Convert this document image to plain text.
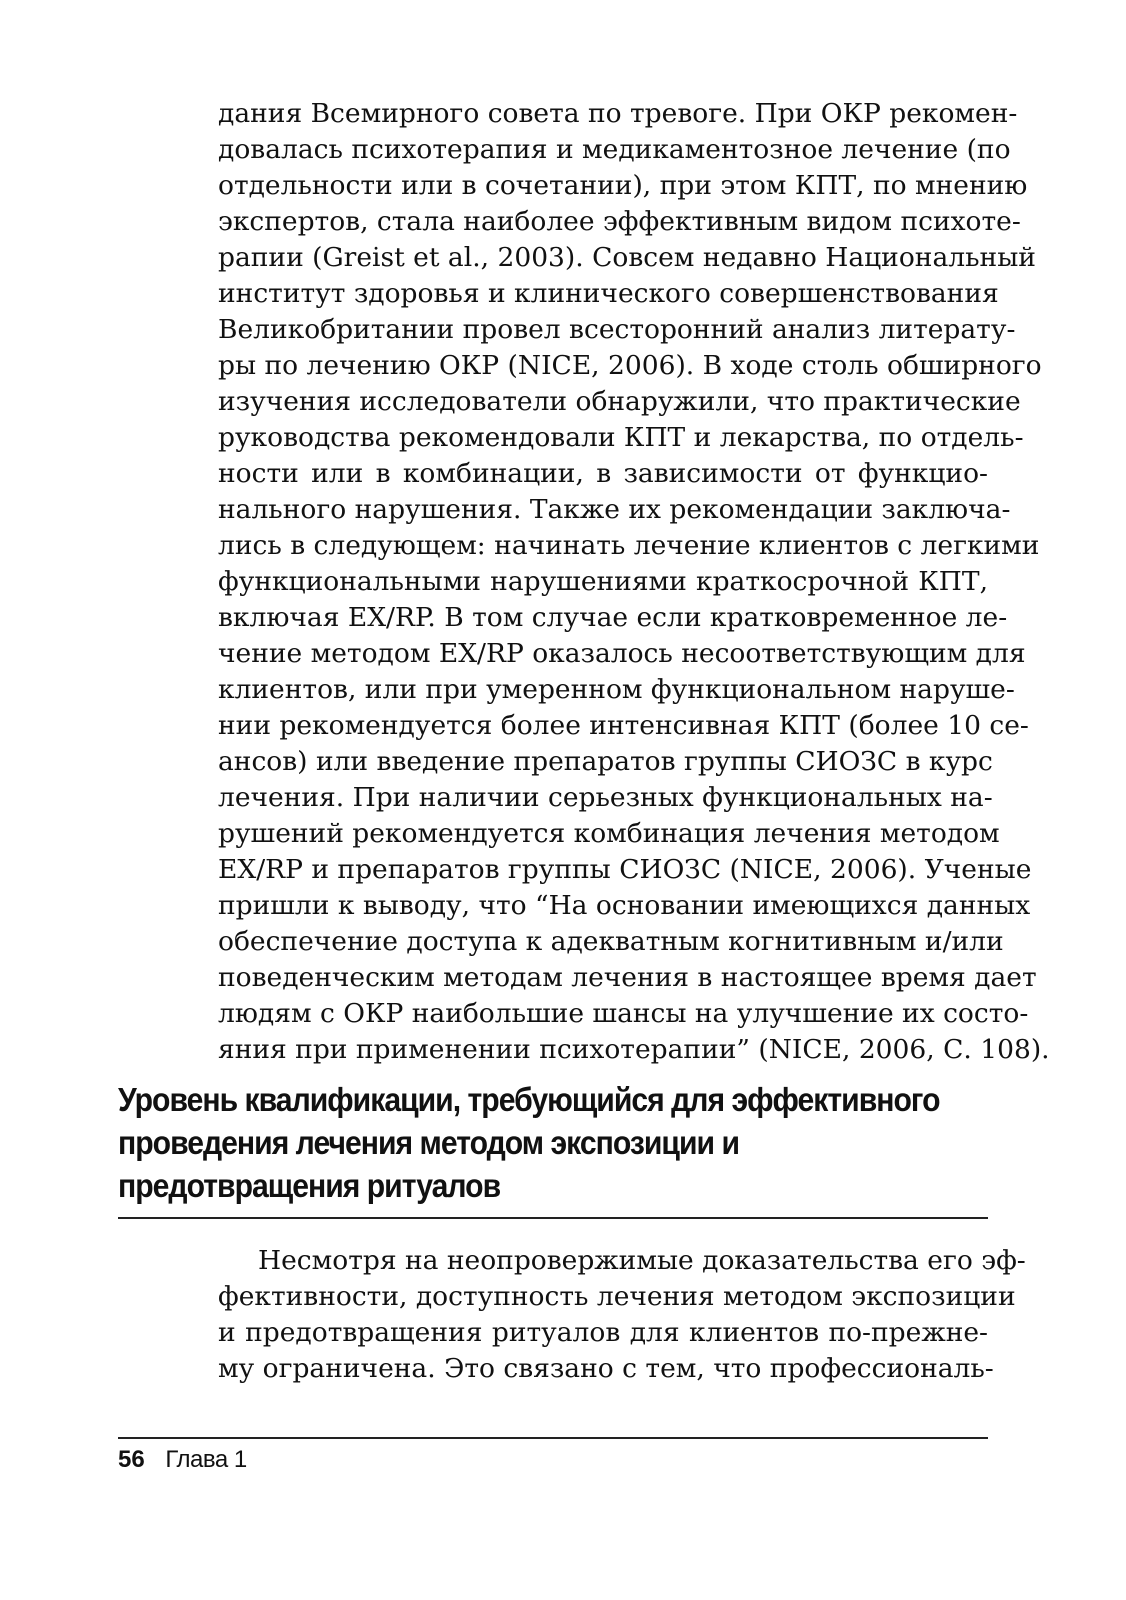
дания Всемирного совета по тревоге. При ОКР рекомен-
довалась психотерапия и медикаментозное лечение (по
отдельности или в сочетании), при этом КПТ, по мнению
экспертов, стала наиболее эффективным видом психоте-
рапии (Greist et al., 2003). Совсем недавно Национальный
институт здоровья и клинического совершенствования
Великобритании провел всесторонний анализ литерату-
ры по лечению ОКР (NICE, 2006). В ходе столь обширного
изучения исследователи обнаружили, что практические
руководства рекомендовали КПТ и лекарства, по отдель-
ности или в комбинации, в зависимости от функцио-
нального нарушения. Также их рекомендации заключа-
лись в следующем: начинать лечение клиентов с легкими
функциональными нарушениями краткосрочной КПТ,
включая EX/RP. В том случае если кратковременное ле-
чение методом EX/RP оказалось несоответствующим для
клиентов, или при умеренном функциональном наруше-
нии рекомендуется более интенсивная КПТ (более 10 се-
ансов) или введение препаратов группы СИОЗС в курс
лечения. При наличии серьезных функциональных на-
рушений рекомендуется комбинация лечения методом
EX/RP и препаратов группы СИОЗС (NICE, 2006). Ученые
пришли к выводу, что “На основании имеющихся данных
обеспечение доступа к адекватным когнитивным и/или
поведенческим методам лечения в настоящее время дает
людям с ОКР наибольшие шансы на улучшение их состо-
яния при применении психотерапии” (NICE, 2006, С. 108).
Уровень квалификации, требующийся для эффективного
проведения лечения методом экспозиции и
предотвращения ритуалов
Несмотря на неопровержимые доказательства его эф-
фективности, доступность лечения методом экспозиции
и предотвращения ритуалов для клиентов по-прежне-
му ограничена. Это связано с тем, что профессиональ-
56 Глава 1
